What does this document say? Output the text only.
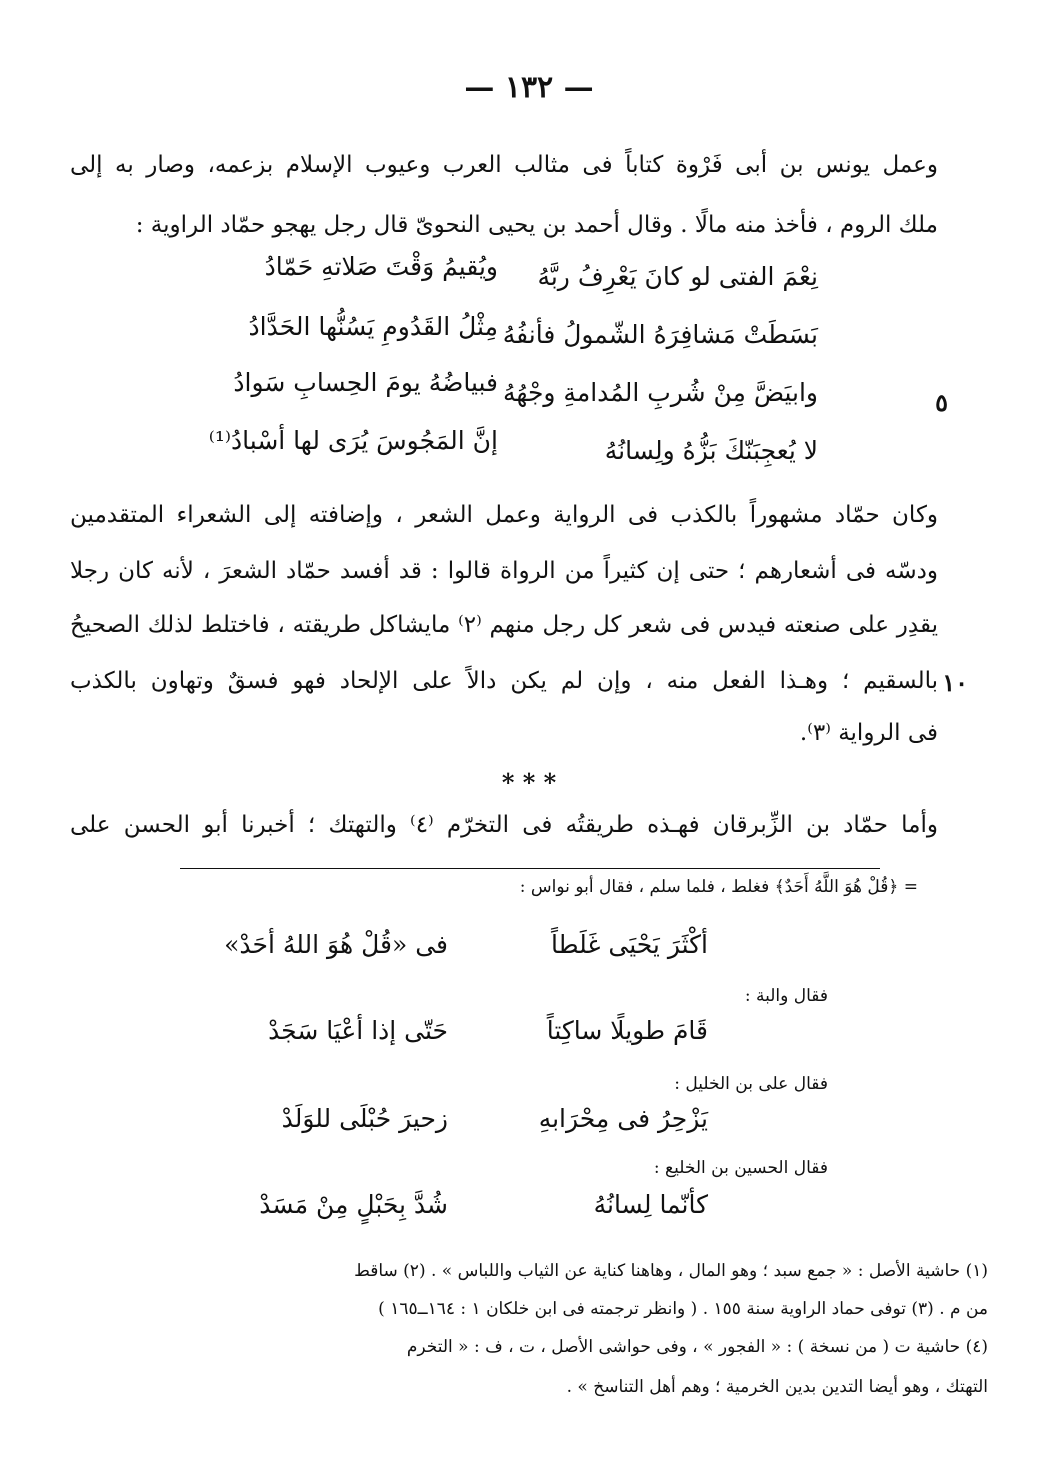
— ١٣٢ —
وعمل يونس بن أبى فَرْوة كتاباً فى مثالب العرب وعيوب الإسلام بزعمه، وصار به إلى
ملك الروم ، فأخذ منه مالًا . وقال أحمد بن يحيى النحوىّ قال رجل يهجو حمّاد الراوية :
نِعْمَ الفتى لو كانَ يَعْرِفُ ربَّهُ
ويُقيمُ وَقْتَ صَلاتهِ حَمّادُ
بَسَطَتْ مَشافِرَهُ الشّمولُ فأنفُهُ
مِثْلُ القَدُومِ يَسُنُّها الحَدَّادُ
وابيَضَّ مِنْ شُربِ المُدامةِ وجْهُهُ
فبياضُهُ يومَ الحِسابِ سَوادُ
لا يُعجِبَنّكَ بَزُّهُ ولِسانُهُ
إنَّ المَجُوسَ يُرَى لها أسْبادُ⁽¹⁾
٥
وكان حمّاد مشهوراً بالكذب فى الرواية وعمل الشعر ، وإضافته إلى الشعراء المتقدمين
ودسّه فى أشعارهم ؛ حتى إن كثيراً من الرواة قالوا : قد أفسد حمّاد الشعرَ ، لأنه كان رجلا
يقدِر على صنعته فيدس فى شعر كل رجل منهم ⁽٢⁾ مايشاكل طريقته ، فاختلط لذلك الصحيحُ
بالسقيم ؛ وهـذا الفعل منه ، وإن لم يكن دالاً على الإلحاد فهو فسقٌ وتهاون بالكذب ١٠
فى الرواية ⁽٣⁾.
* * *
وأما حمّاد بن الزِّبرقان فهـذه طريقتُه فى التخرّم ⁽٤⁾ والتهتك ؛ أخبرنا أبو الحسن على
= ﴿قُلْ هُوَ اللَّهُ أَحَدٌ﴾ فغلط ، فلما سلم ، فقال أبو نواس :
أكْثَرَ يَحْيَى غَلَطاً
فى «قُلْ هُوَ اللهُ أحَدْ»
فقال والبة :
قَامَ طويلًا ساكِتاً
حَتّى إذا أعْيَا سَجَدْ
فقال على بن الخليل :
يَزْحِرُ فى مِحْرَابهِ
زحيرَ حُبْلَى للوَلَدْ
فقال الحسين بن الخليع :
كأنّما لِسانُهُ
شُدَّ بِحَبْلٍ مِنْ مَسَدْ
(١) حاشية الأصل : « جمع سبد ؛ وهو المال ، وهاهنا كناية عن الثياب واللباس » . (٢) ساقط
من م . (٣) توفى حماد الراوية سنة ١٥٥ . ( وانظر ترجمته فى ابن خلكان ١ : ١٦٤ــ١٦٥ )
(٤) حاشية ت ( من نسخة ) : « الفجور » ، وفى حواشى الأصل ، ت ، ف : « التخرم
التهتك ، وهو أيضا التدين بدين الخرمية ؛ وهم أهل التناسخ » .
